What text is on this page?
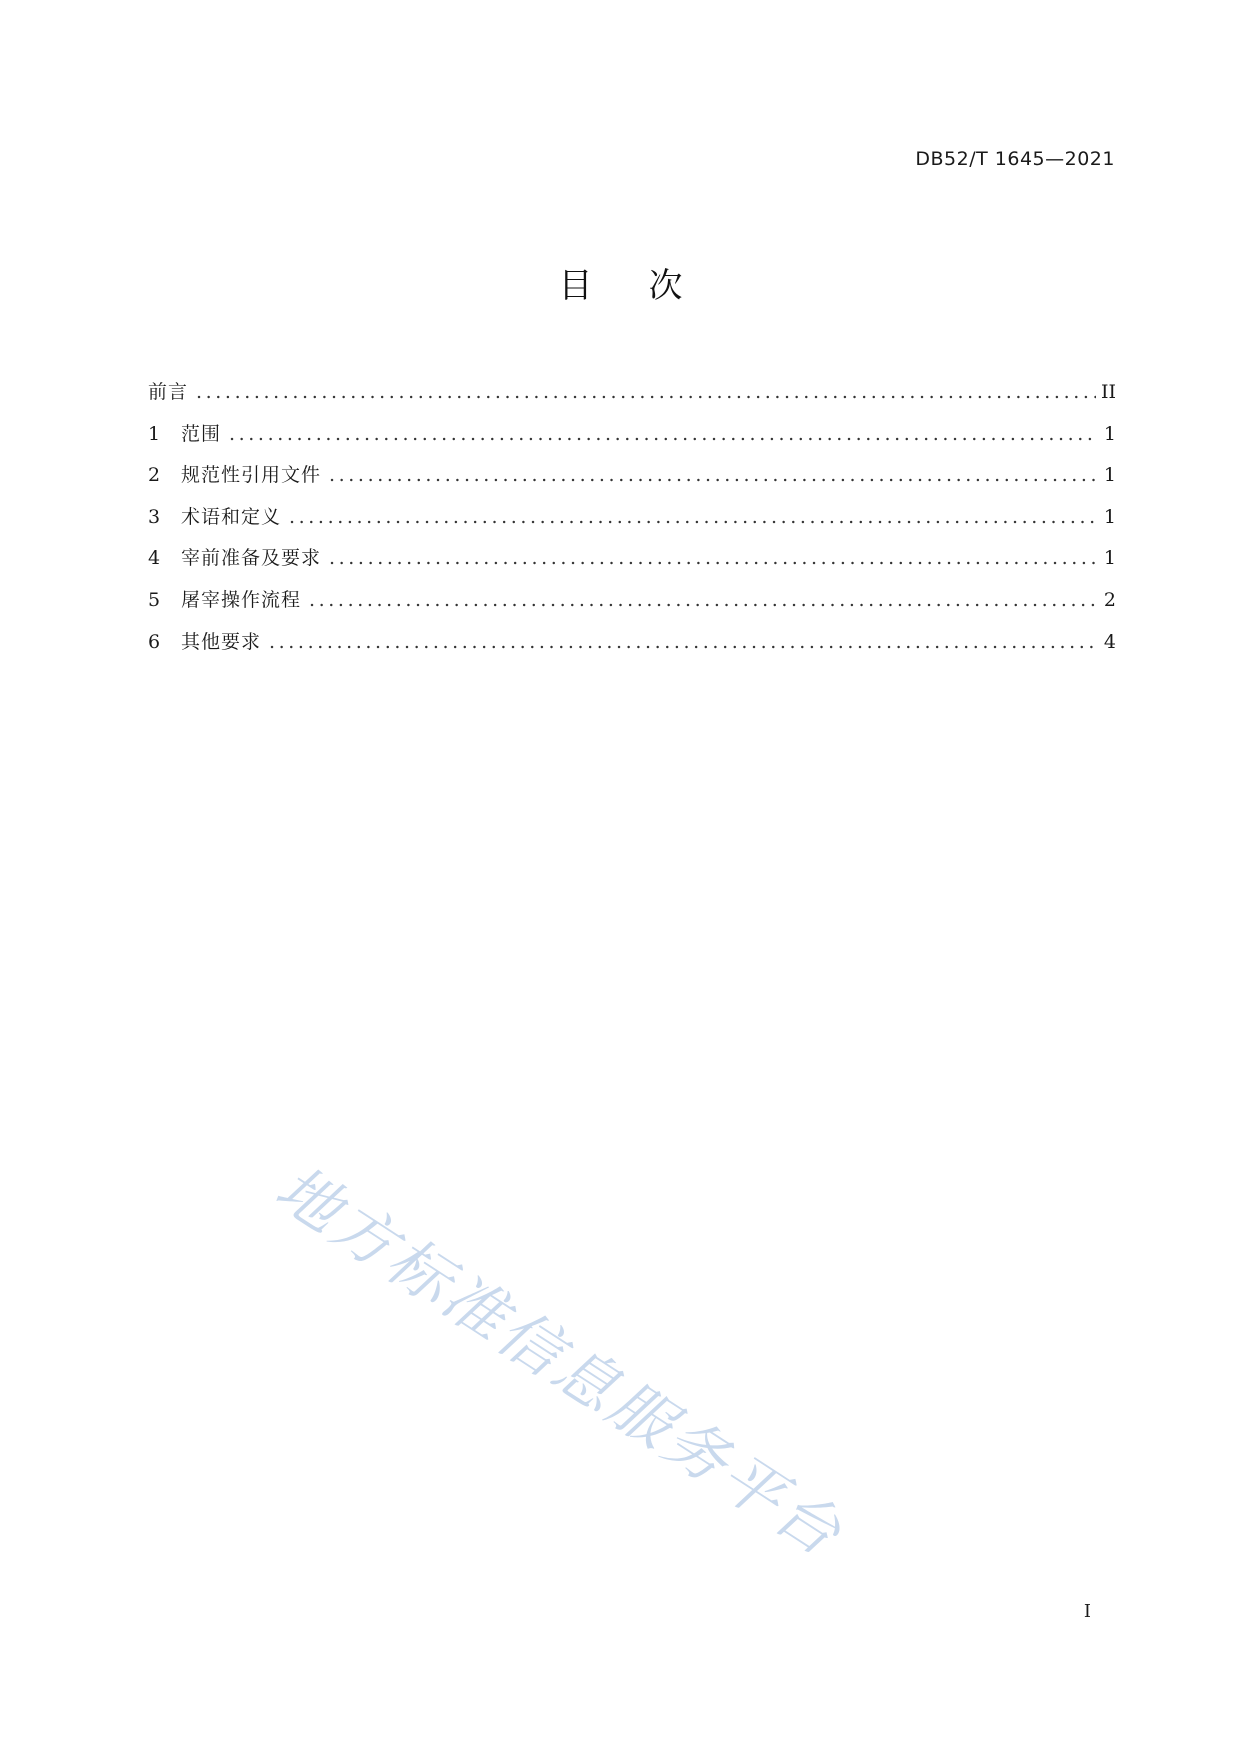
DB52/T 1645—2021
目次
前言 .....	II
1	范围 .....	1
2	规范性引用文件 .....	1
3	术语和定义 .....	1
4	宰前准备及要求 .....	1
5	屠宰操作流程 .....	2
6	其他要求 .....	4
地方标准信息服务平台
I
